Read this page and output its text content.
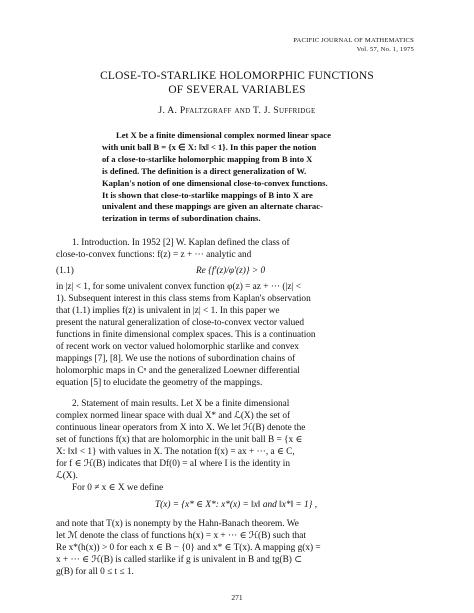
PACIFIC JOURNAL OF MATHEMATICS
Vol. 57, No. 1, 1975
CLOSE-TO-STARLIKE HOLOMORPHIC FUNCTIONS
OF SEVERAL VARIABLES
J. A. Pfaltzgraff and T. J. Suffridge
Let X be a finite dimensional complex normed linear space
with unit ball B = {x ∈ X: ‖x‖ < 1}. In this paper the notion
of a close-to-starlike holomorphic mapping from B into X
is defined. The definition is a direct generalization of W.
Kaplan's notion of one dimensional close-to-convex functions.
It is shown that close-to-starlike mappings of B into X are
univalent and these mappings are given an alternate charac-
terization in terms of subordination chains.
1. Introduction. In 1952 [2] W. Kaplan defined the class of
close-to-convex functions: f(z) = z + ··· analytic and
(1.1)	Re {f′(z)/φ′(z)} > 0
in |z| < 1, for some univalent convex function φ(z) = az + ··· (|z| <
1). Subsequent interest in this class stems from Kaplan's observation
that (1.1) implies f(z) is univalent in |z| < 1. In this paper we
present the natural generalization of close-to-convex vector valued
functions in finite dimensional complex spaces. This is a continuation
of recent work on vector valued holomorphic starlike and convex
mappings [7], [8]. We use the notions of subordination chains of
holomorphic maps in Cⁿ and the generalized Loewner differential
equation [5] to elucidate the geometry of the mappings.
2. Statement of main results. Let X be a finite dimensional
complex normed linear space with dual X* and ℒ(X) the set of
continuous linear operators from X into X. We let ℋ(B) denote the
set of functions f(x) that are holomorphic in the unit ball B = {x ∈
X: ‖x‖ < 1} with values in X. The notation f(x) = ax + ···, a ∈ C,
for f ∈ ℋ(B) indicates that Df(0) = aI where I is the identity in
ℒ(X).
For 0 ≠ x ∈ X we define
T(x) = {x* ∈ X*: x*(x) = ‖x‖ and ‖x*‖ = 1} ,
and note that T(x) is nonempty by the Hahn-Banach theorem. We
let ℳ denote the class of functions h(x) = x + ··· ∈ ℋ(B) such that
Re x*(h(x)) > 0 for each x ∈ B − {0} and x* ∈ T(x). A mapping g(x) =
x + ··· ∈ ℋ(B) is called starlike if g is univalent in B and tg(B) ⊂
g(B) for all 0 ≤ t ≤ 1.
271
